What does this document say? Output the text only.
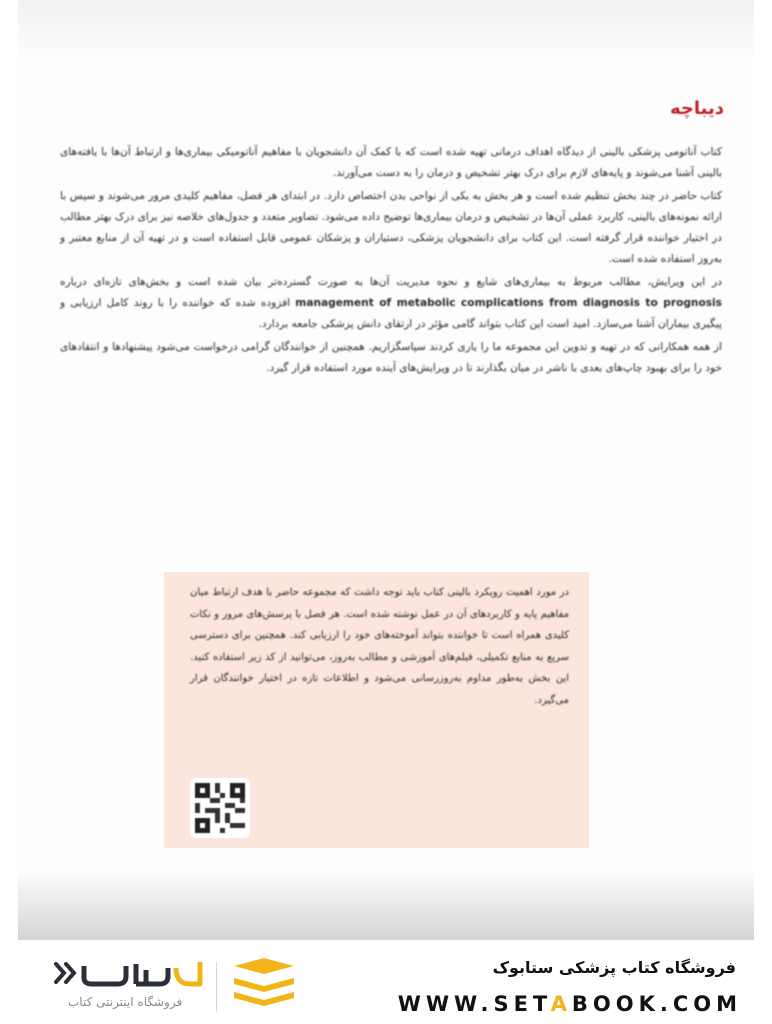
دیباچه

کتاب آناتومی پزشکی بالینی از دیدگاه اهداف درمانی تهیه شده است که با کمک آن دانشجویان با مفاهیم آناتومیکی بیماری‌ها و ارتباط آن‌ها با یافته‌های بالینی آشنا می‌شوند و پایه‌های لازم برای درک بهتر تشخیص و درمان را به دست می‌آورند.

کتاب حاضر در چند بخش تنظیم شده است و هر بخش به یکی از نواحی بدن اختصاص دارد. در ابتدای هر فصل، مفاهیم کلیدی مرور می‌شوند و سپس با ارائه نمونه‌های بالینی، کاربرد عملی آن‌ها در تشخیص و درمان بیماری‌ها توضیح داده می‌شود. تصاویر متعدد و جدول‌های خلاصه نیز برای درک بهتر مطالب در اختیار خواننده قرار گرفته است. این کتاب برای دانشجویان پزشکی، دستیاران و پزشکان عمومی قابل استفاده است و در تهیه آن از منابع معتبر و به‌روز استفاده شده است.

در این ویرایش، مطالب مربوط به بیماری‌های شایع و نحوه مدیریت آن‌ها به صورت گسترده‌تر بیان شده است و بخش‌های تازه‌ای درباره management of metabolic complications from diagnosis to prognosis افزوده شده که خواننده را با روند کامل ارزیابی و پیگیری بیماران آشنا می‌سازد. امید است این کتاب بتواند گامی مؤثر در ارتقای دانش پزشکی جامعه بردارد.

از همه همکارانی که در تهیه و تدوین این مجموعه ما را یاری کردند سپاسگزاریم. همچنین از خوانندگان گرامی درخواست می‌شود پیشنهادها و انتقادهای خود را برای بهبود چاپ‌های بعدی با ناشر در میان بگذارند تا در ویرایش‌های آینده مورد استفاده قرار گیرد.

در مورد اهمیت رویکرد بالینی کتاب باید توجه داشت که مجموعه حاضر با هدف ارتباط میان مفاهیم پایه و کاربردهای آن در عمل نوشته شده است. هر فصل با پرسش‌های مرور و نکات کلیدی همراه است تا خواننده بتواند آموخته‌های خود را ارزیابی کند. همچنین برای دسترسی سریع به منابع تکمیلی، فیلم‌های آموزشی و مطالب به‌روز، می‌توانید از کد زیر استفاده کنید. این بخش به‌طور مداوم به‌روزرسانی می‌شود و اطلاعات تازه در اختیار خوانندگان قرار می‌گیرد.

فروشگاه کتاب پزشکی ستابوک

WWW.SETABOOK.COM

فروشگاه اینترنتی کتاب
